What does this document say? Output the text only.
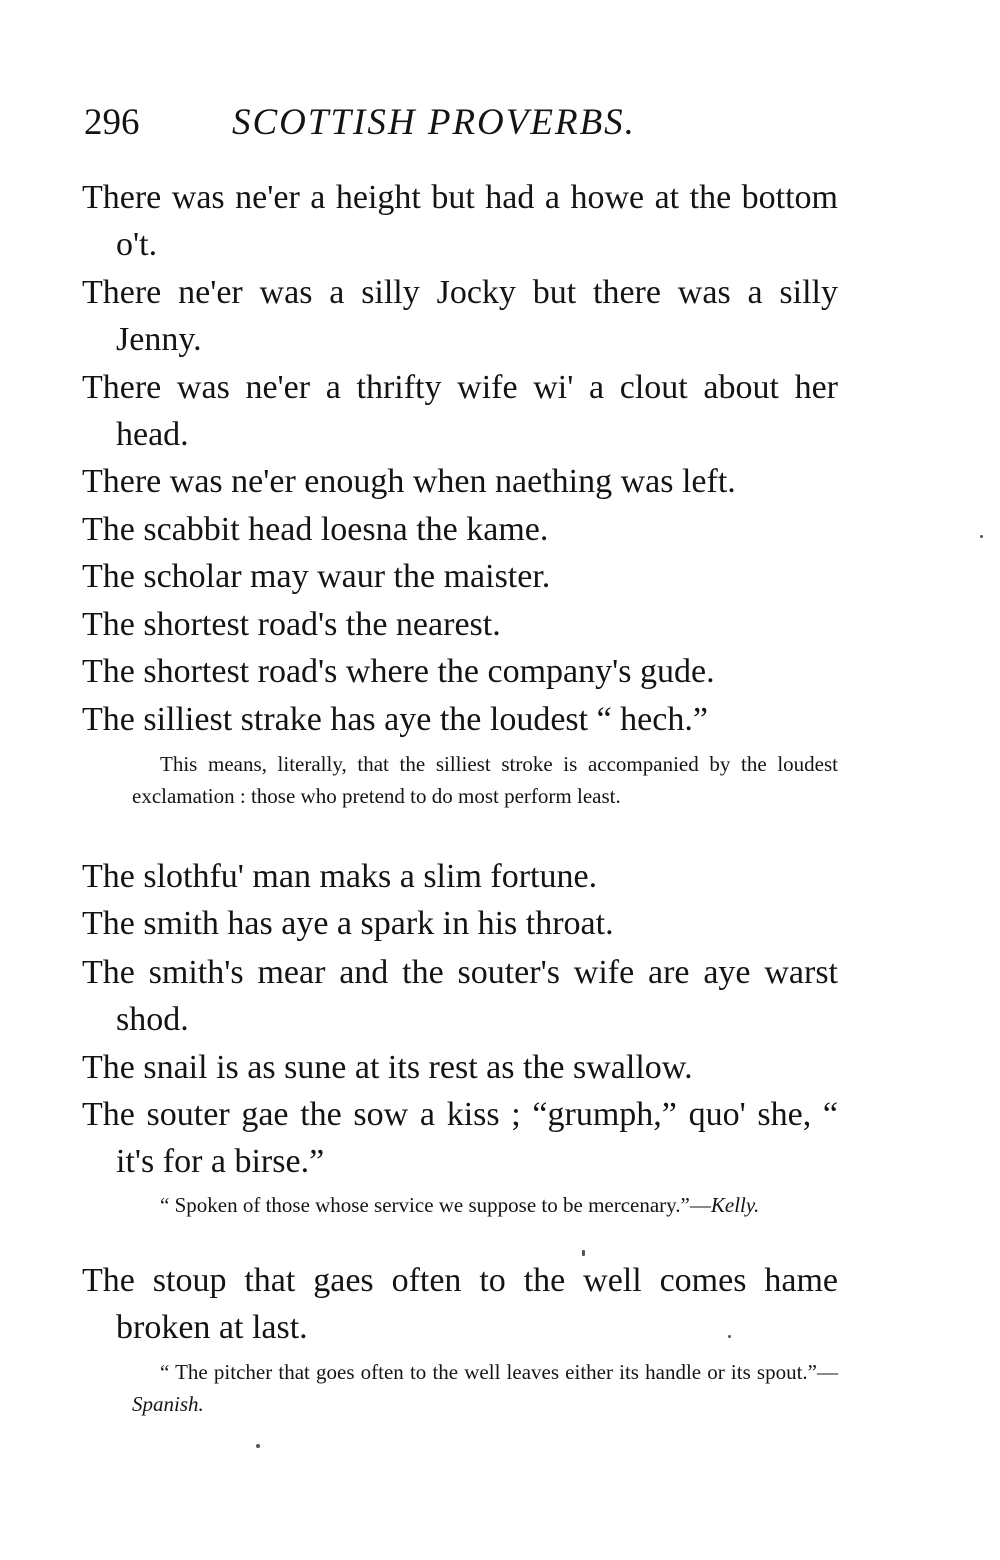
296	SCOTTISH PROVERBS.

There was ne'er a height but had a howe at the bottom o't.

There ne'er was a silly Jocky but there was a silly Jenny.

There was ne'er a thrifty wife wi' a clout about her head.

There was ne'er enough when naething was left.

The scabbit head loesna the kame.

The scholar may waur the maister.

The shortest road's the nearest.

The shortest road's where the company's gude.

The silliest strake has aye the loudest “ hech.”

This means, literally, that the silliest stroke is accompanied by the loudest exclamation : those who pretend to do most perform least.

The slothfu' man maks a slim fortune.

The smith has aye a spark in his throat.

The smith's mear and the souter's wife are aye warst shod.

The snail is as sune at its rest as the swallow.

The souter gae the sow a kiss ; “grumph,” quo' she, “ it's for a birse.”

“ Spoken of those whose service we suppose to be mercenary.”—Kelly.

The stoup that gaes often to the well comes hame broken at last.

“ The pitcher that goes often to the well leaves either its handle or its spout.”—Spanish.
